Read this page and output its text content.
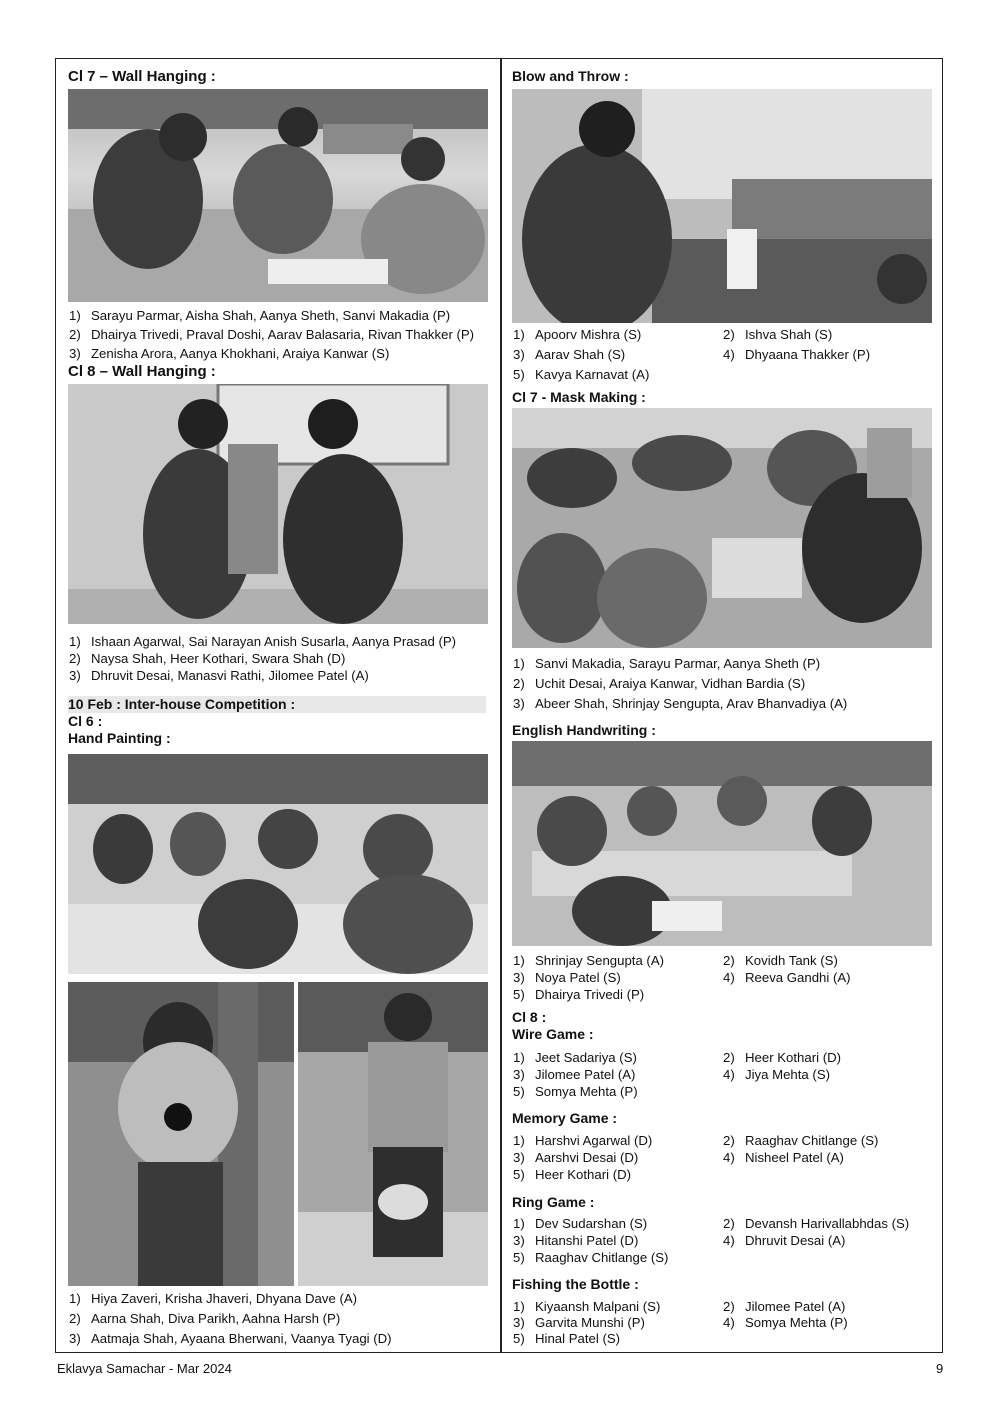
Cl 7 – Wall Hanging :
1) Sarayu Parmar, Aisha Shah, Aanya Sheth, Sanvi Makadia (P)
2) Dhairya Trivedi, Praval Doshi, Aarav Balasaria, Rivan Thakker (P)
3) Zenisha Arora, Aanya Khokhani, Araiya Kanwar (S)
Cl 8 – Wall Hanging :
1) Ishaan Agarwal, Sai Narayan Anish Susarla, Aanya Prasad (P)
2) Naysa Shah, Heer Kothari, Swara Shah (D)
3) Dhruvit Desai, Manasvi Rathi, Jilomee Patel (A)
10 Feb : Inter-house Competition :
Cl 6 :
Hand Painting :
1) Hiya Zaveri, Krisha Jhaveri, Dhyana Dave (A)
2) Aarna Shah, Diva Parikh, Aahna Harsh (P)
3) Aatmaja Shah, Ayaana Bherwani, Vaanya Tyagi (D)
Blow and Throw :
1) Apoorv Mishra (S)	2) Ishva Shah (S)
3) Aarav Shah (S)	4) Dhyaana Thakker (P)
5) Kavya Karnavat (A)
Cl 7 - Mask Making :
1) Sanvi Makadia, Sarayu Parmar, Aanya Sheth (P)
2) Uchit Desai, Araiya Kanwar, Vidhan Bardia (S)
3) Abeer Shah, Shrinjay Sengupta, Arav Bhanvadiya (A)
English Handwriting :
1) Shrinjay Sengupta (A)	2) Kovidh Tank (S)
3) Noya Patel (S)	4) Reeva Gandhi (A)
5) Dhairya Trivedi (P)
Cl 8 :
Wire Game :
1) Jeet Sadariya (S)	2) Heer Kothari (D)
3) Jilomee Patel (A)	4) Jiya Mehta (S)
5) Somya Mehta (P)
Memory Game :
1) Harshvi Agarwal (D)	2) Raaghav Chitlange (S)
3) Aarshvi Desai (D)	4) Nisheel Patel (A)
5) Heer Kothari (D)
Ring Game :
1) Dev Sudarshan (S)	2) Devansh Harivallabhdas (S)
3) Hitanshi Patel (D)	4) Dhruvit Desai (A)
5) Raaghav Chitlange (S)
Fishing the Bottle :
1) Kiyaansh Malpani (S)	2) Jilomee Patel (A)
3) Garvita Munshi (P)	4) Somya Mehta (P)
5) Hinal Patel (S)
Eklavya Samachar - Mar 2024	9
